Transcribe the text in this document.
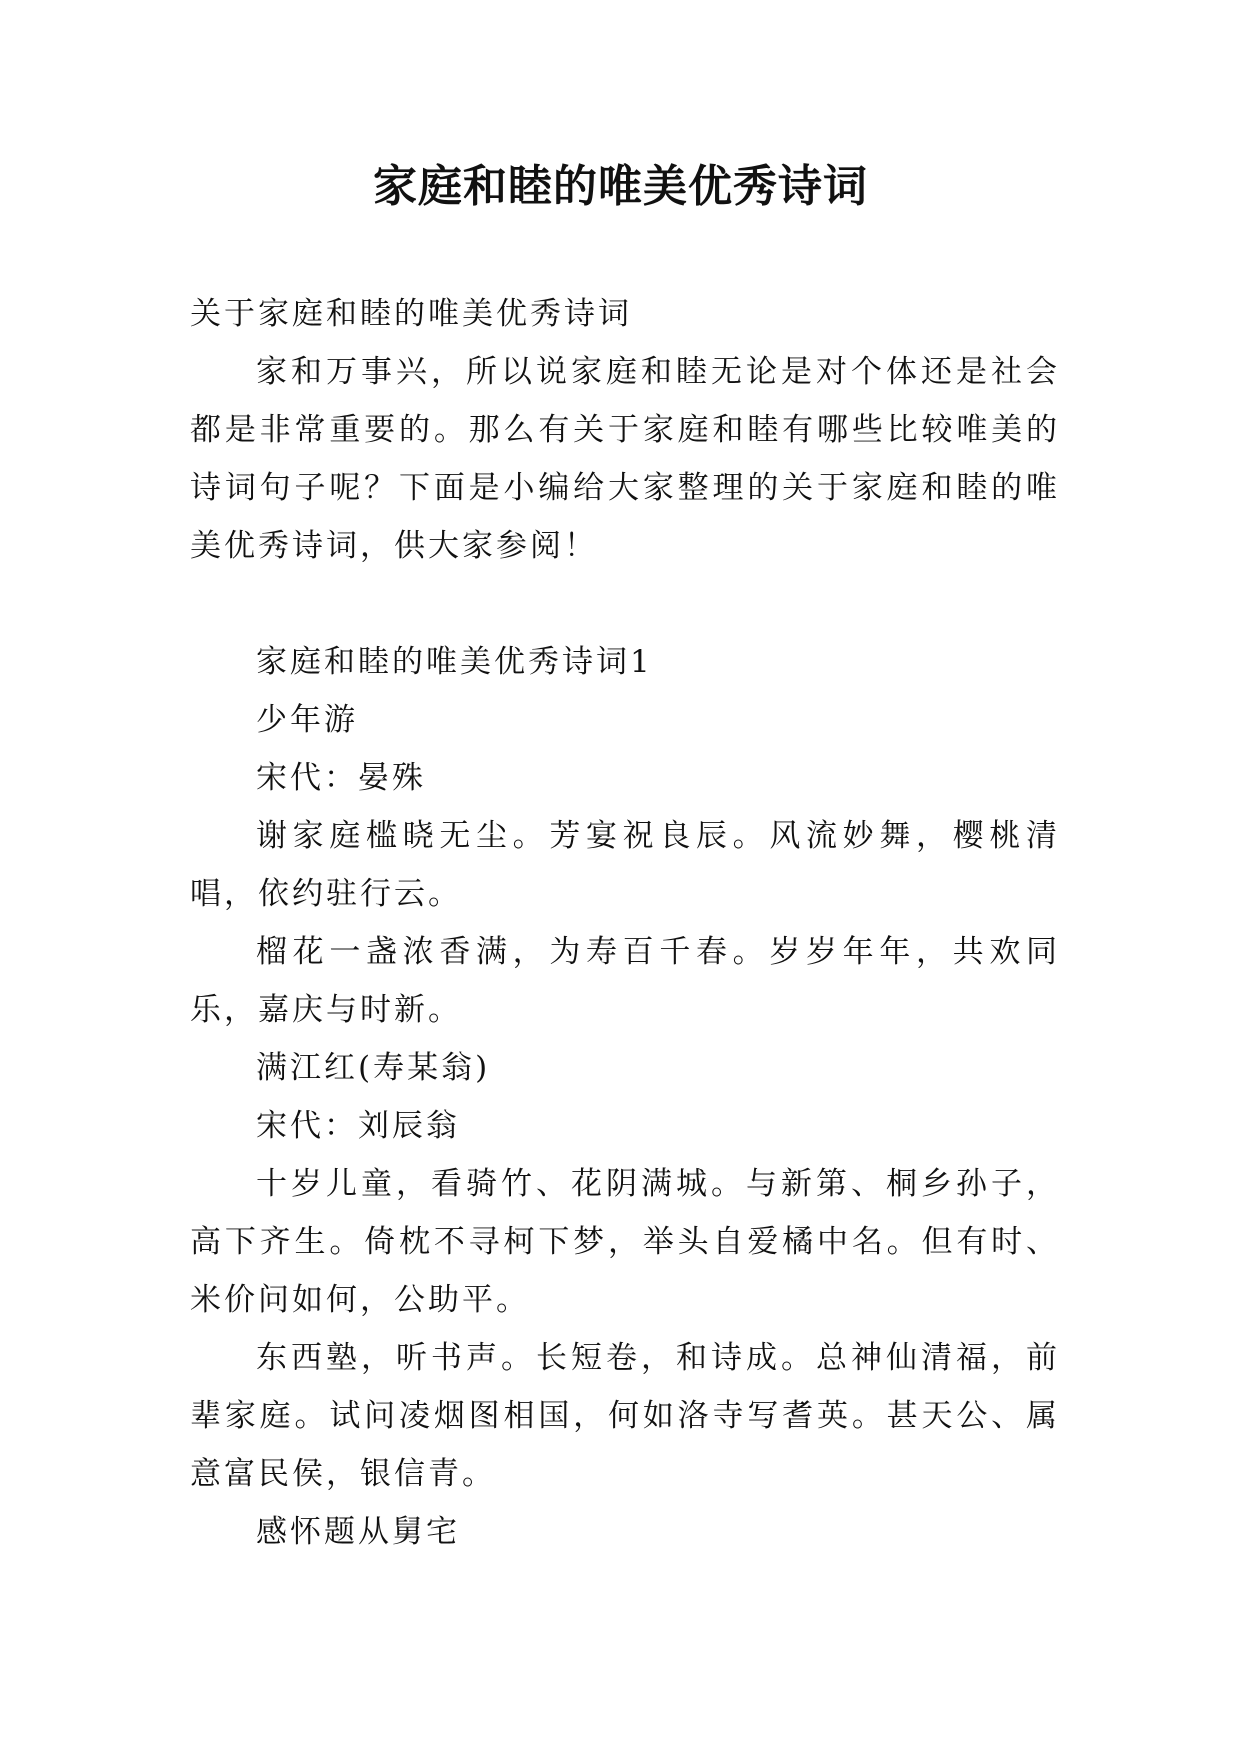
家庭和睦的唯美优秀诗词

关于家庭和睦的唯美优秀诗词

家和万事兴，所以说家庭和睦无论是对个体还是社会都是非常重要的。那么有关于家庭和睦有哪些比较唯美的诗词句子呢？下面是小编给大家整理的关于家庭和睦的唯美优秀诗词，供大家参阅！

家庭和睦的唯美优秀诗词1

少年游

宋代：晏殊

谢家庭槛晓无尘。芳宴祝良辰。风流妙舞，樱桃清唱，依约驻行云。

榴花一盏浓香满，为寿百千春。岁岁年年，共欢同乐，嘉庆与时新。

满江红(寿某翁)

宋代：刘辰翁

十岁儿童，看骑竹、花阴满城。与新第、桐乡孙子，高下齐生。倚枕不寻柯下梦，举头自爱橘中名。但有时、米价问如何，公助平。

东西塾，听书声。长短卷，和诗成。总神仙清福，前辈家庭。试问凌烟图相国，何如洛寺写耆英。甚天公、属意富民侯，银信青。

感怀题从舅宅
